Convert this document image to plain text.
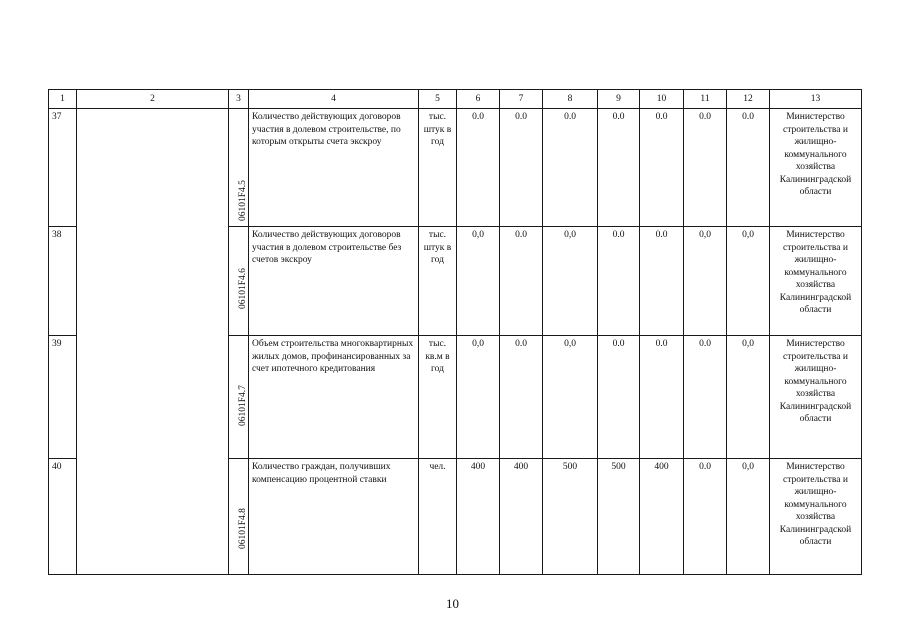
1	2	3	4	5	6	7	8	9	10	11	12	13
37		06101F4.5	Количество действующих договоров участия в долевом строительстве, по которым открыты счета экскроу	тыс. штук в год	0.0	0.0	0.0	0.0	0.0	0.0	0.0	Министерство строительства и жилищно-коммунального хозяйства Калининградской области
38		06101F4.6	Количество действующих договоров участия в долевом строительстве без счетов экскроу	тыс. штук в год	0,0	0.0	0,0	0.0	0.0	0,0	0,0	Министерство строительства и жилищно-коммунального хозяйства Калининградской области
39		06101F4.7	Объем строительства многоквартирных жилых домов, профинансированных за счет ипотечного кредитования	тыс. кв.м в год	0,0	0.0	0,0	0.0	0.0	0.0	0,0	Министерство строительства и жилищно-коммунального хозяйства Калининградской области
40		06101F4.8	Количество граждан, получивших компенсацию процентной ставки	чел.	400	400	500	500	400	0.0	0,0	Министерство строительства и жилищно-коммунального хозяйства Калининградской области
10
